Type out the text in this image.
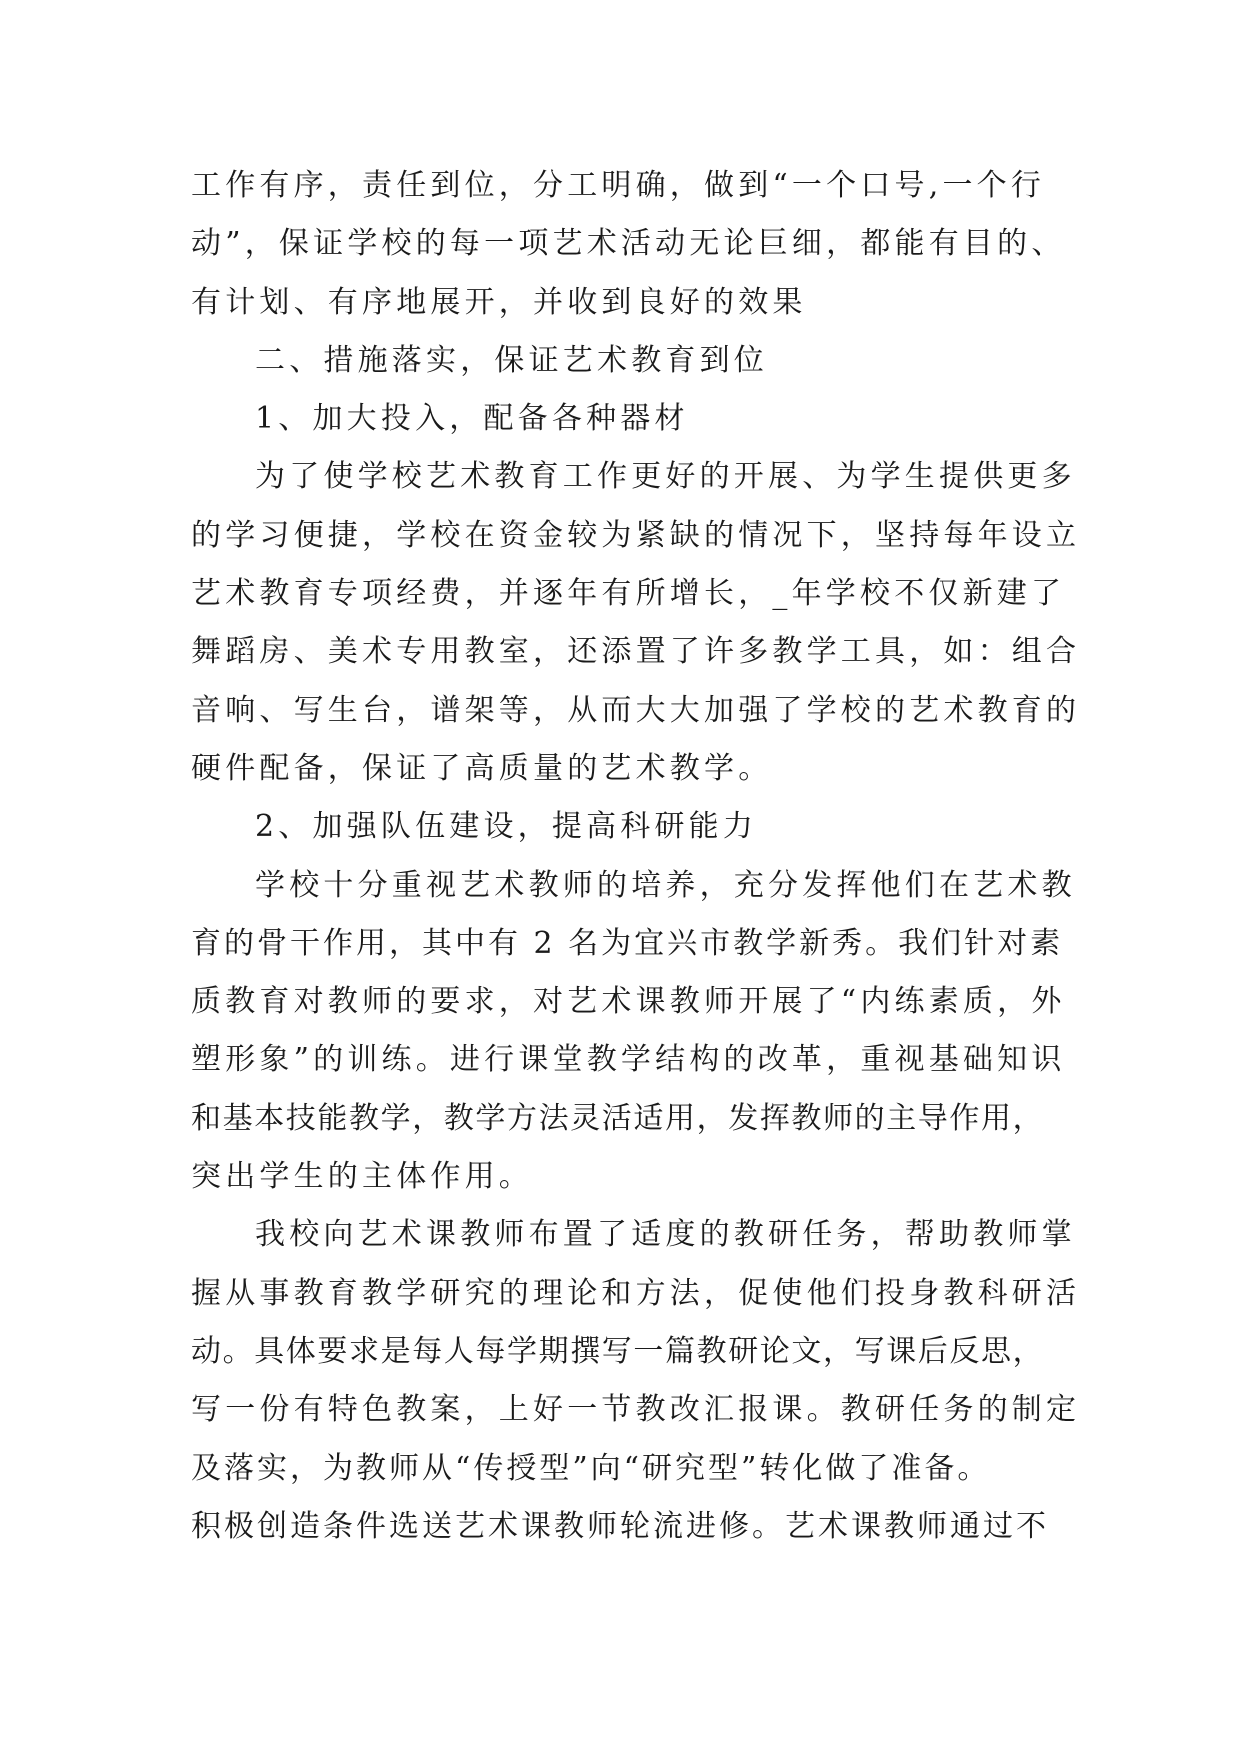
工作有序，责任到位，分工明确，做到“一个口号,一个行
动”，保证学校的每一项艺术活动无论巨细，都能有目的、
有计划、有序地展开，并收到良好的效果
二、措施落实，保证艺术教育到位
1、加大投入，配备各种器材
为了使学校艺术教育工作更好的开展、为学生提供更多
的学习便捷，学校在资金较为紧缺的情况下，坚持每年设立
艺术教育专项经费，并逐年有所增长，_年学校不仅新建了
舞蹈房、美术专用教室，还添置了许多教学工具，如：组合
音响、写生台，谱架等，从而大大加强了学校的艺术教育的
硬件配备，保证了高质量的艺术教学。
2、加强队伍建设，提高科研能力
学校十分重视艺术教师的培养，充分发挥他们在艺术教
育的骨干作用，其中有 2 名为宜兴市教学新秀。我们针对素
质教育对教师的要求，对艺术课教师开展了“内练素质，外
塑形象”的训练。进行课堂教学结构的改革，重视基础知识
和基本技能教学，教学方法灵活适用，发挥教师的主导作用，
突出学生的主体作用。
我校向艺术课教师布置了适度的教研任务，帮助教师掌
握从事教育教学研究的理论和方法，促使他们投身教科研活
动。具体要求是每人每学期撰写一篇教研论文，写课后反思，
写一份有特色教案，上好一节教改汇报课。教研任务的制定
及落实，为教师从“传授型”向“研究型”转化做了准备。
积极创造条件选送艺术课教师轮流进修。艺术课教师通过不
